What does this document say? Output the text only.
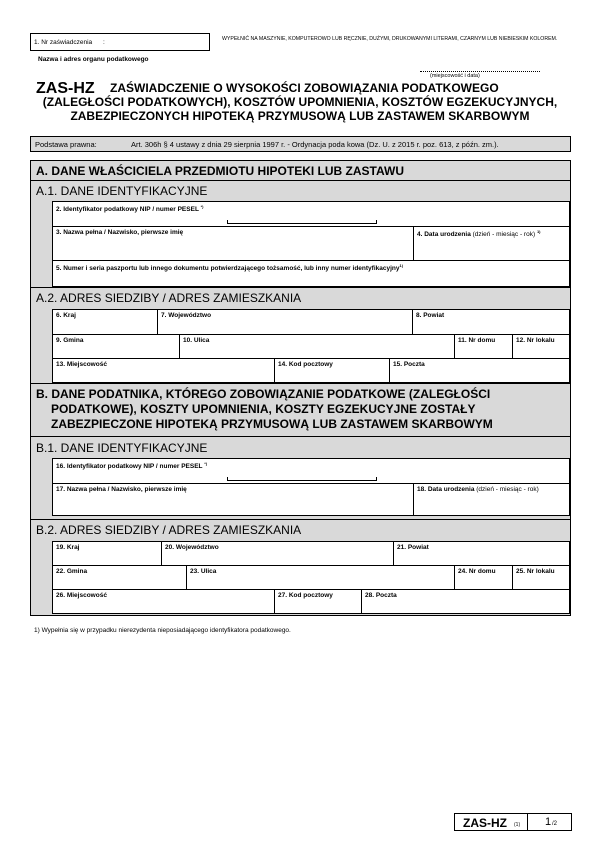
1. Nr zaświadczenia :	WYPEŁNIĆ NA MASZYNIE, KOMPUTEROWO LUB RĘCZNIE, DUŻYMI, DRUKOWANYMI LITERAMI, CZARNYM LUB NIEBIESKIM KOLOREM.
Nazwa i adres organu podatkowego
(miejscowość i data)
ZAS-HZ ZAŚWIADCZENIE O WYSOKOŚCI ZOBOWIĄZANIA PODATKOWEGO
(ZALEGŁOŚCI PODATKOWYCH), KOSZTÓW UPOMNIENIA, KOSZTÓW EGZEKUCYJNYCH,
ZABEZPIECZONYCH HIPOTEKĄ PRZYMUSOWĄ LUB ZASTAWEM SKARBOWYM
Podstawa prawna:	Art. 306h § 4 ustawy z dnia 29 sierpnia 1997 r. - Ordynacja poda kowa (Dz. U. z 2015 r. poz. 613, z późn. zm.).
A. DANE WŁAŚCICIELA PRZEDMIOTU HIPOTEKI LUB ZASTAWU
A.1. DANE IDENTYFIKACYJNE
2. Identyfikator podatkowy NIP / numer PESEL *)
3. Nazwa pełna / Nazwisko, pierwsze imię	4. Data urodzenia (dzień - miesiąc - rok) $^{1)}$
5. Numer i seria paszportu lub innego dokumentu potwierdzającego tożsamość, lub inny numer identyfikacyjny$^{1)}$
A.2. ADRES SIEDZIBY / ADRES ZAMIESZKANIA
6. Kraj	7. Województwo	8. Powiat
9. Gmina	10. Ulica	11. Nr domu	12. Nr lokalu
13. Miejscowość	14. Kod pocztowy	15. Poczta
B. DANE PODATNIKA, KTÓREGO ZOBOWIĄZANIE PODATKOWE (ZALEGŁOŚCI
PODATKOWE), KOSZTY UPOMNIENIA, KOSZTY EGZEKUCYJNE ZOSTAŁY
ZABEZPIECZONE HIPOTEKĄ PRZYMUSOWĄ LUB ZASTAWEM SKARBOWYM
B.1. DANE IDENTYFIKACYJNE
16. Identyfikator podatkowy NIP / numer PESEL *)
17. Nazwa pełna / Nazwisko, pierwsze imię	18. Data urodzenia (dzień - miesiąc - rok)
B.2. ADRES SIEDZIBY / ADRES ZAMIESZKANIA
19. Kraj	20. Województwo	21. Powiat
22. Gmina	23. Ulica	24. Nr domu	25. Nr lokalu
26. Miejscowość	27. Kod pocztowy	28. Poczta
1) Wypełnia się w przypadku nierezydenta nieposiadającego identyfikatora podatkowego.
ZAS-HZ (1) 1 /2
